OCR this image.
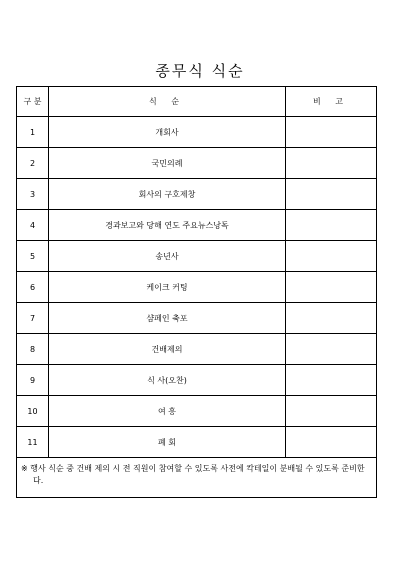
종무식 식순
구 분	식 순	비 고
1	개회사	
2	국민의례	
3	회사의 구호제창	
4	경과보고와 당해 연도 주요뉴스낭독	
5	송년사	
6	케이크 커팅	
7	샴페인 축포	
8	건배제의	
9	식 사(오찬)	
10	여 흥	
11	폐 회	
※ 행사 식순 중 건배 제의 시 전 직원이 참여할 수 있도록 사전에 칵테일이 분배될 수 있도록 준비한다.		
